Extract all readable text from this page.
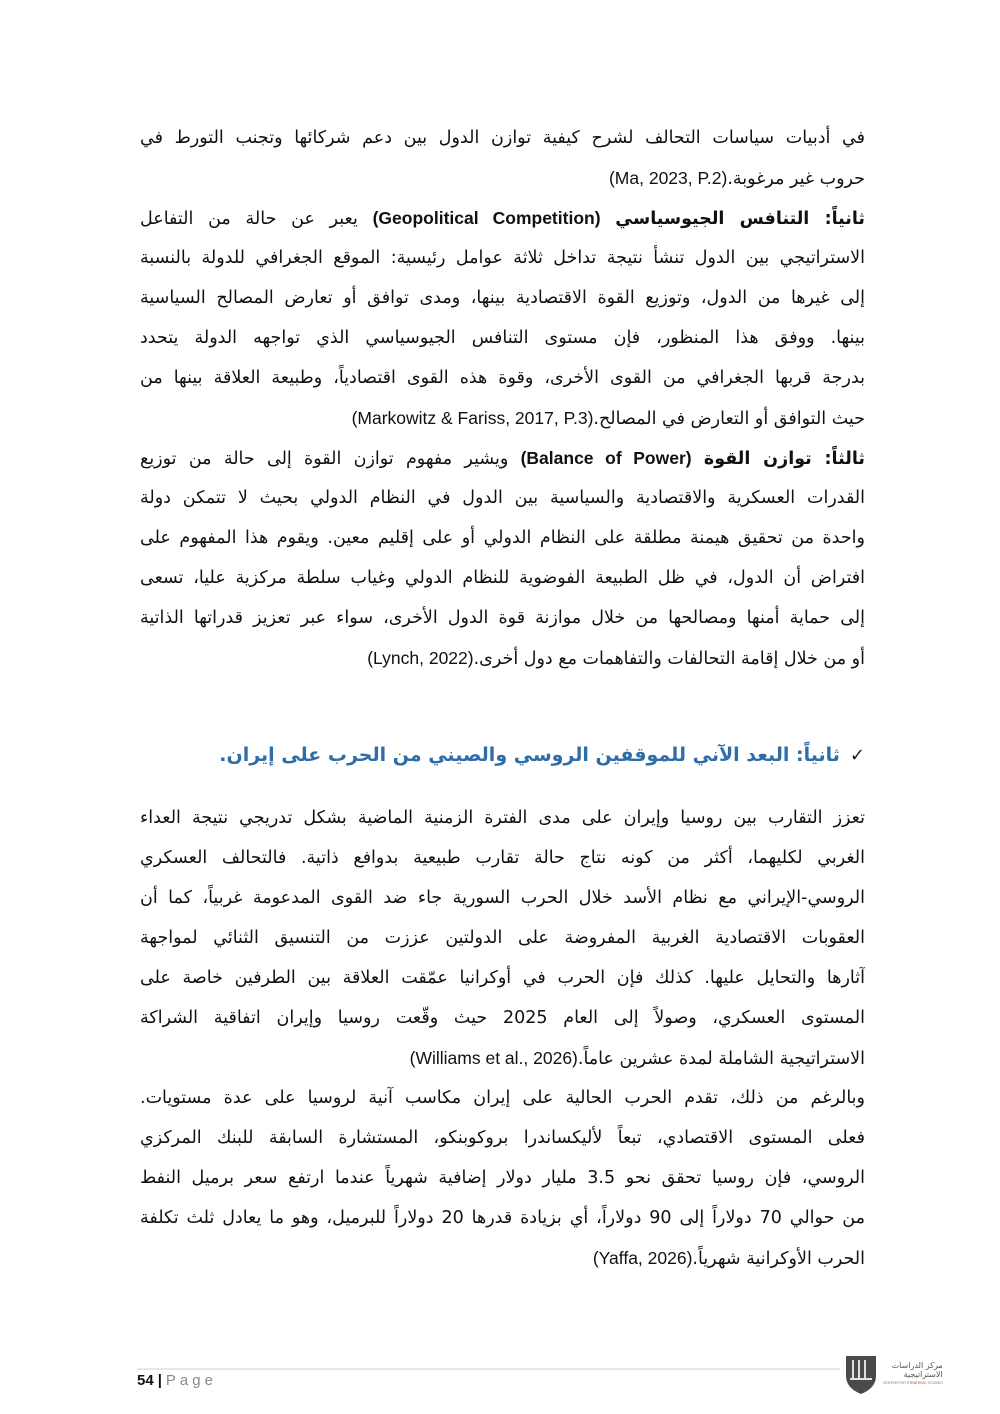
في أدبيات سياسات التحالف لشرح كيفية توازن الدول بين دعم شركائها وتجنب التورط في
حروب غير مرغوبة.(Ma, 2023, P.2)
ثانياً: التنافس الجيوسياسي (Geopolitical Competition) يعبر عن حالة من التفاعل
الاستراتيجي بين الدول تنشأ نتيجة تداخل ثلاثة عوامل رئيسية: الموقع الجغرافي للدولة بالنسبة
إلى غيرها من الدول، وتوزيع القوة الاقتصادية بينها، ومدى توافق أو تعارض المصالح السياسية
بينها. ووفق هذا المنظور، فإن مستوى التنافس الجيوسياسي الذي تواجهه الدولة يتحدد
بدرجة قربها الجغرافي من القوى الأخرى، وقوة هذه القوى اقتصادياً، وطبيعة العلاقة بينها من
حيث التوافق أو التعارض في المصالح.(Markowitz & Fariss, 2017, P.3)
ثالثاً: توازن القوة (Balance of Power) ويشير مفهوم توازن القوة إلى حالة من توزيع
القدرات العسكرية والاقتصادية والسياسية بين الدول في النظام الدولي بحيث لا تتمكن دولة
واحدة من تحقيق هيمنة مطلقة على النظام الدولي أو على إقليم معين. ويقوم هذا المفهوم على
افتراض أن الدول، في ظل الطبيعة الفوضوية للنظام الدولي وغياب سلطة مركزية عليا، تسعى
إلى حماية أمنها ومصالحها من خلال موازنة قوة الدول الأخرى، سواء عبر تعزيز قدراتها الذاتية
أو من خلال إقامة التحالفات والتفاهمات مع دول أخرى.(Lynch, 2022)
✓ثانياً: البعد الآني للموقفين الروسي والصيني من الحرب على إيران.
تعزز التقارب بين روسيا وإيران على مدى الفترة الزمنية الماضية بشكل تدريجي نتيجة العداء
الغربي لكليهما، أكثر من كونه نتاج حالة تقارب طبيعية بدوافع ذاتية. فالتحالف العسكري
الروسي-الإيراني مع نظام الأسد خلال الحرب السورية جاء ضد القوى المدعومة غربياً، كما أن
العقوبات الاقتصادية الغربية المفروضة على الدولتين عززت من التنسيق الثنائي لمواجهة
آثارها والتحايل عليها. كذلك فإن الحرب في أوكرانيا عمّقت العلاقة بين الطرفين خاصة على
المستوى العسكري، وصولاً إلى العام 2025 حيث وقّعت روسيا وإيران اتفاقية الشراكة
الاستراتيجية الشاملة لمدة عشرين عاماً.(Williams et al., 2026)
وبالرغم من ذلك، تقدم الحرب الحالية على إيران مكاسب آنية لروسيا على عدة مستويات.
فعلى المستوى الاقتصادي، تبعاً لأليكساندرا بروكوبنكو، المستشارة السابقة للبنك المركزي
الروسي، فإن روسيا تحقق نحو 3.5 مليار دولار إضافية شهرياً عندما ارتفع سعر برميل النفط
من حوالي 70 دولاراً إلى 90 دولاراً، أي بزيادة قدرها 20 دولاراً للبرميل، وهو ما يعادل ثلث تكلفة
الحرب الأوكرانية شهرياً.(Yaffa, 2026)
54 | Page
مركز الدراسات
الاستراتيجية
CENTER FOR STRATEGIC STUDIES
